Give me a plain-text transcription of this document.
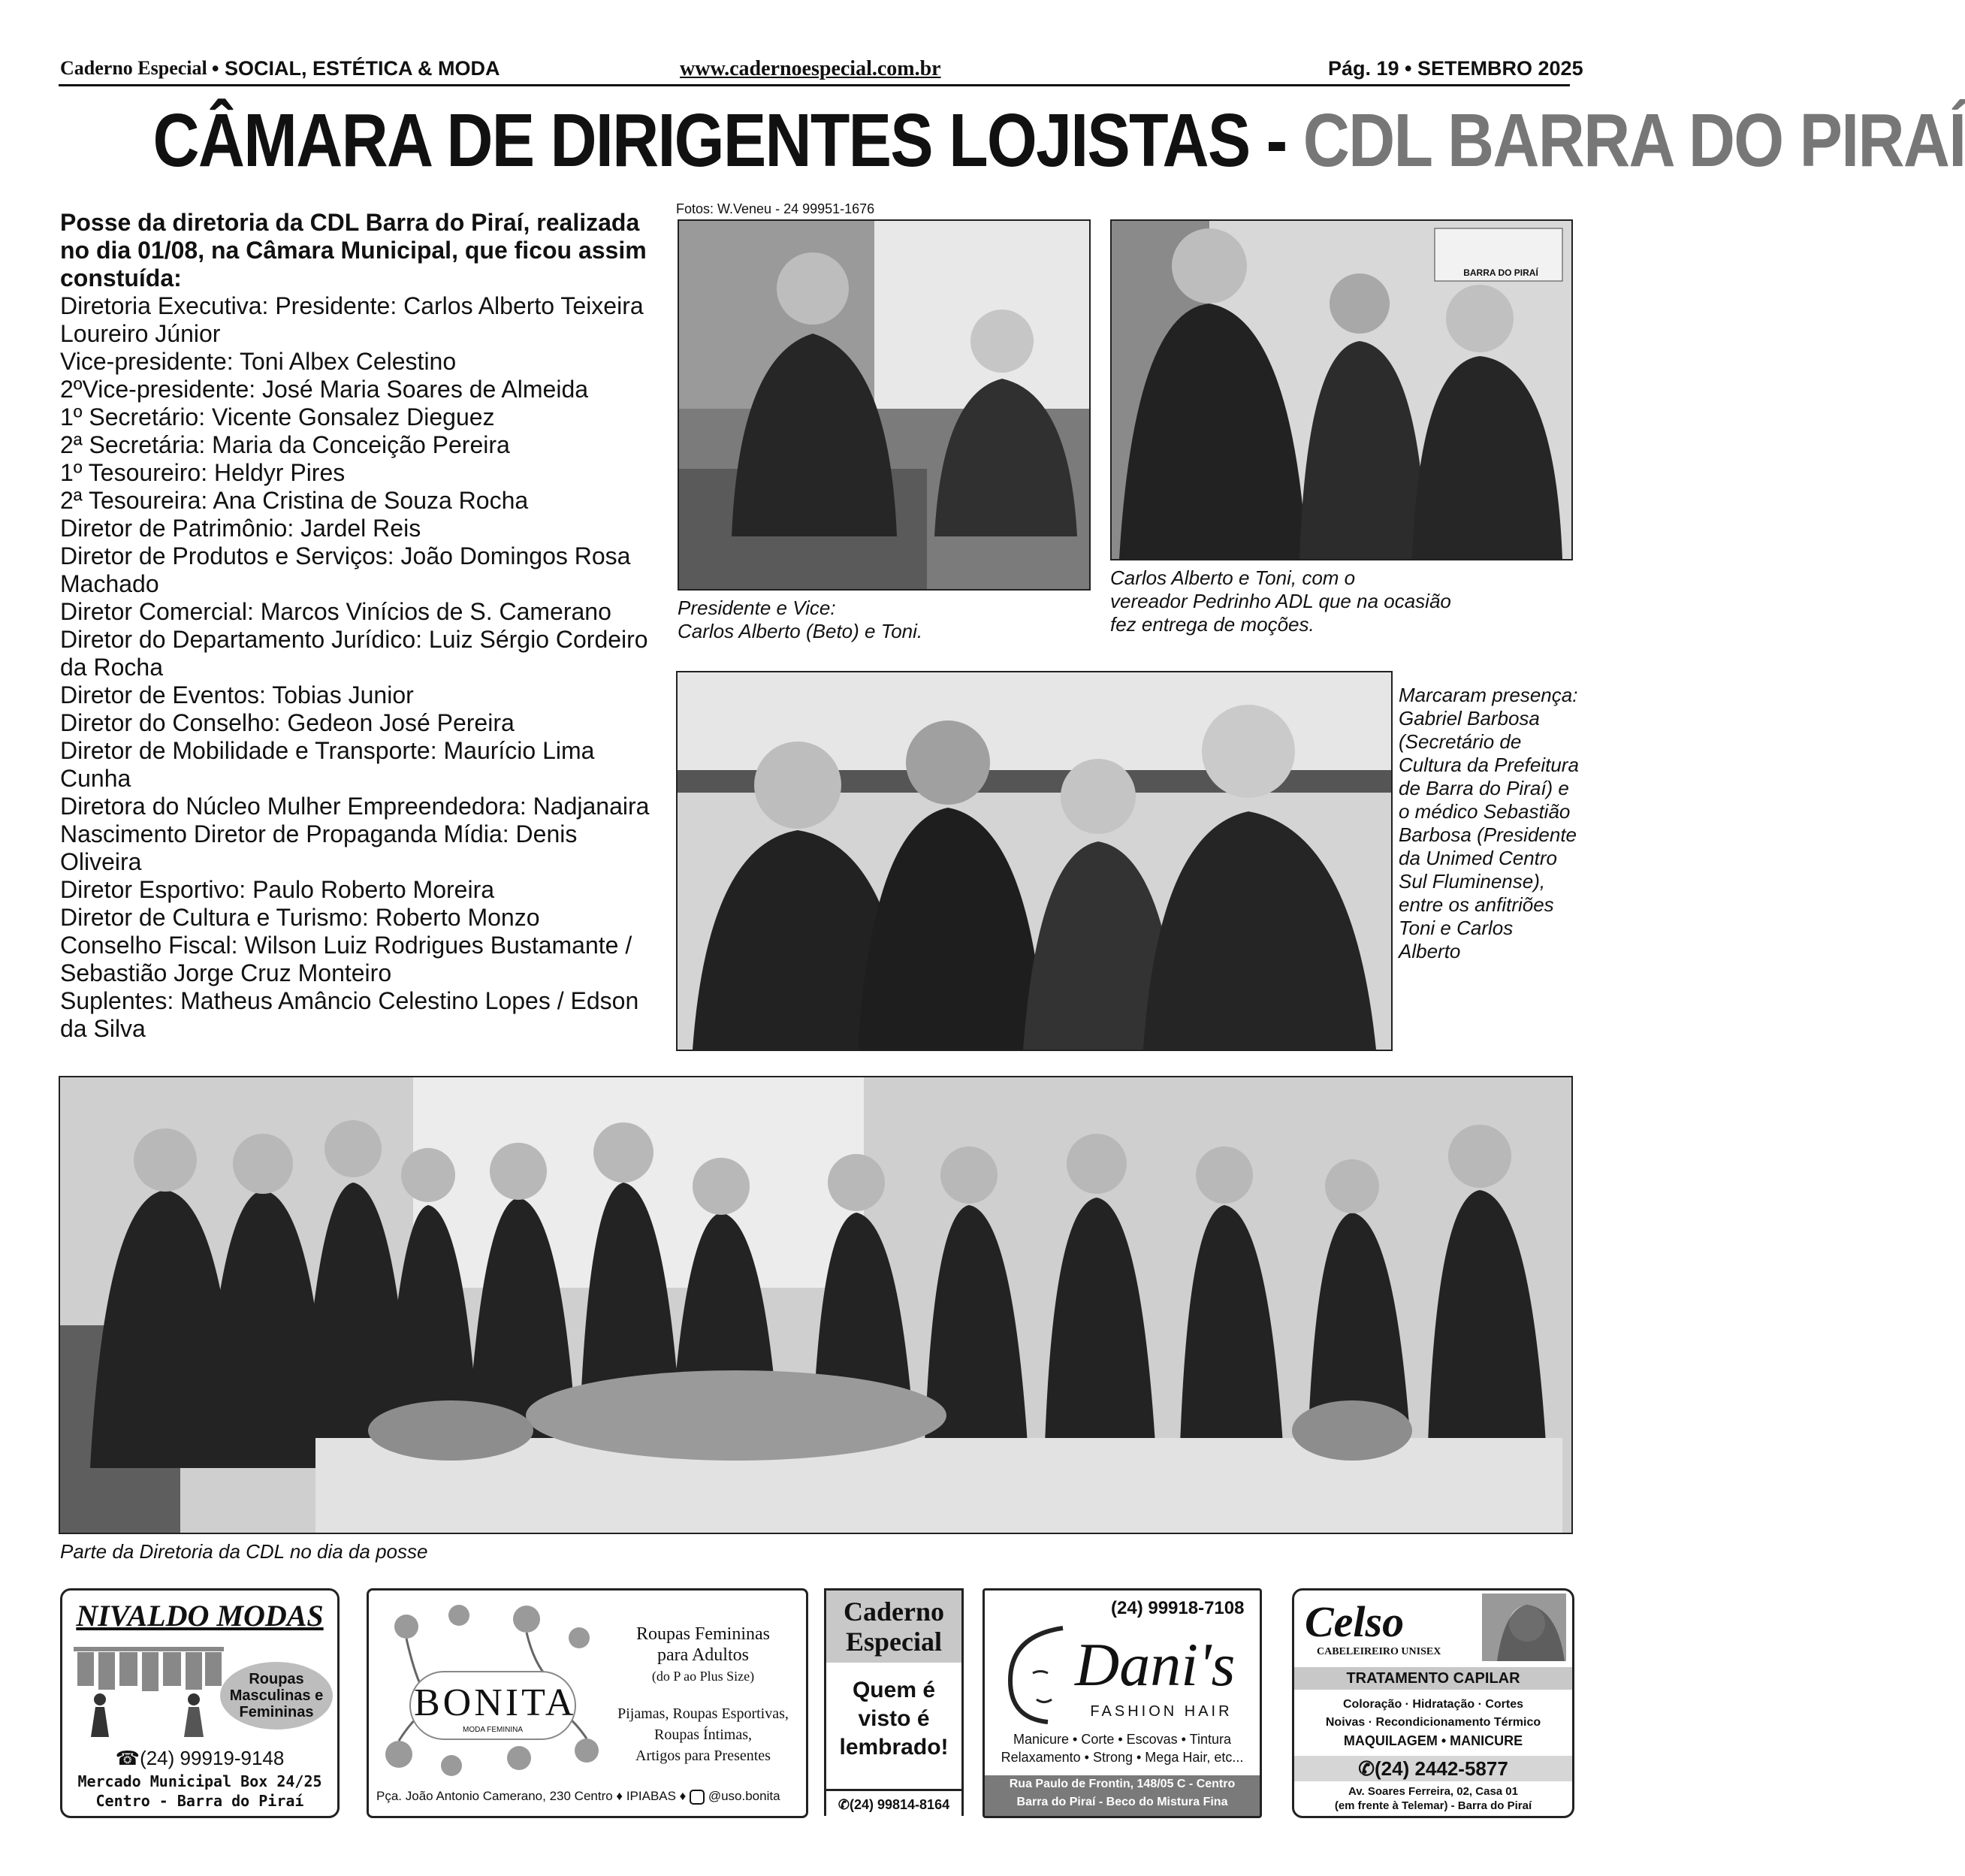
Caderno Especial • SOCIAL, ESTÉTICA & MODA	www.cadernoespecial.com.br	Pág. 19 • SETEMBRO 2025
CÂMARA DE DIRIGENTES LOJISTAS - CDL BARRA DO PIRAÍ
Posse da diretoria da CDL Barra do Piraí, realizada no dia 01/08, na Câmara Municipal, que ficou assim constuída:
Diretoria Executiva: Presidente: Carlos Alberto Teixeira Loureiro Júnior
Vice-presidente: Toni Albex Celestino
2ºVice-presidente: José Maria Soares de Almeida
1º Secretário: Vicente Gonsalez Dieguez
2ª Secretária: Maria da Conceição Pereira
1º Tesoureiro: Heldyr Pires
2ª Tesoureira: Ana Cristina de Souza Rocha
Diretor de Patrimônio: Jardel Reis
Diretor de Produtos e Serviços: João Domingos Rosa Machado
Diretor Comercial: Marcos Vinícios de S. Camerano
Diretor do Departamento Jurídico: Luiz Sérgio Cordeiro da Rocha
Diretor de Eventos: Tobias Junior
Diretor do Conselho: Gedeon José Pereira
Diretor de Mobilidade e Transporte: Maurício Lima Cunha
Diretora do Núcleo Mulher Empreendedora: Nadjanaira Nascimento Diretor de Propaganda Mídia: Denis Oliveira
Diretor Esportivo: Paulo Roberto Moreira
Diretor de Cultura e Turismo: Roberto Monzo
Conselho Fiscal: Wilson Luiz Rodrigues Bustamante / Sebastião Jorge Cruz Monteiro
Suplentes: Matheus Amâncio Celestino Lopes / Edson da Silva
Fotos: W.Veneu - 24 99951-1676
Presidente e Vice:
Carlos Alberto (Beto) e Toni.
BARRA DO PIRAÍ
Carlos Alberto e Toni, com o
vereador Pedrinho ADL que na ocasião
fez entrega de moções.
Marcaram presença: Gabriel Barbosa (Secretário de Cultura da Prefeitura de Barra do Piraí) e o médico Sebastião Barbosa (Presidente da Unimed Centro Sul Fluminense), entre os anfitriões Toni e Carlos Alberto
Parte da Diretoria da CDL no dia da posse
NIVALDO MODAS
Roupas Masculinas e Femininas
☎(24) 99919-9148
Mercado Municipal Box 24/25
Centro - Barra do Piraí
BONITA
MODA FEMININA
Roupas Femininas
para Adultos
(do P ao Plus Size)
Pijamas, Roupas Esportivas,
Roupas Íntimas,
Artigos para Presentes
Pça. João Antonio Camerano, 230 Centro ♦ IPIABAS ♦ @uso.bonita
Caderno
Especial
Quem é visto é lembrado!
✆(24) 99814-8164
(24) 99918-7108
Dani's
FASHION HAIR
Manicure • Corte • Escovas • Tintura
Relaxamento • Strong • Mega Hair, etc...
Rua Paulo de Frontin, 148/05 C - Centro
Barra do Piraí - Beco do Mistura Fina
Celso
CABELEIREIRO UNISEX
TRATAMENTO CAPILAR
Coloração · Hidratação · Cortes
Noivas · Recondicionamento Térmico
MAQUILAGEM • MANICURE
✆(24) 2442-5877
Av. Soares Ferreira, 02, Casa 01
(em frente à Telemar) - Barra do Piraí
